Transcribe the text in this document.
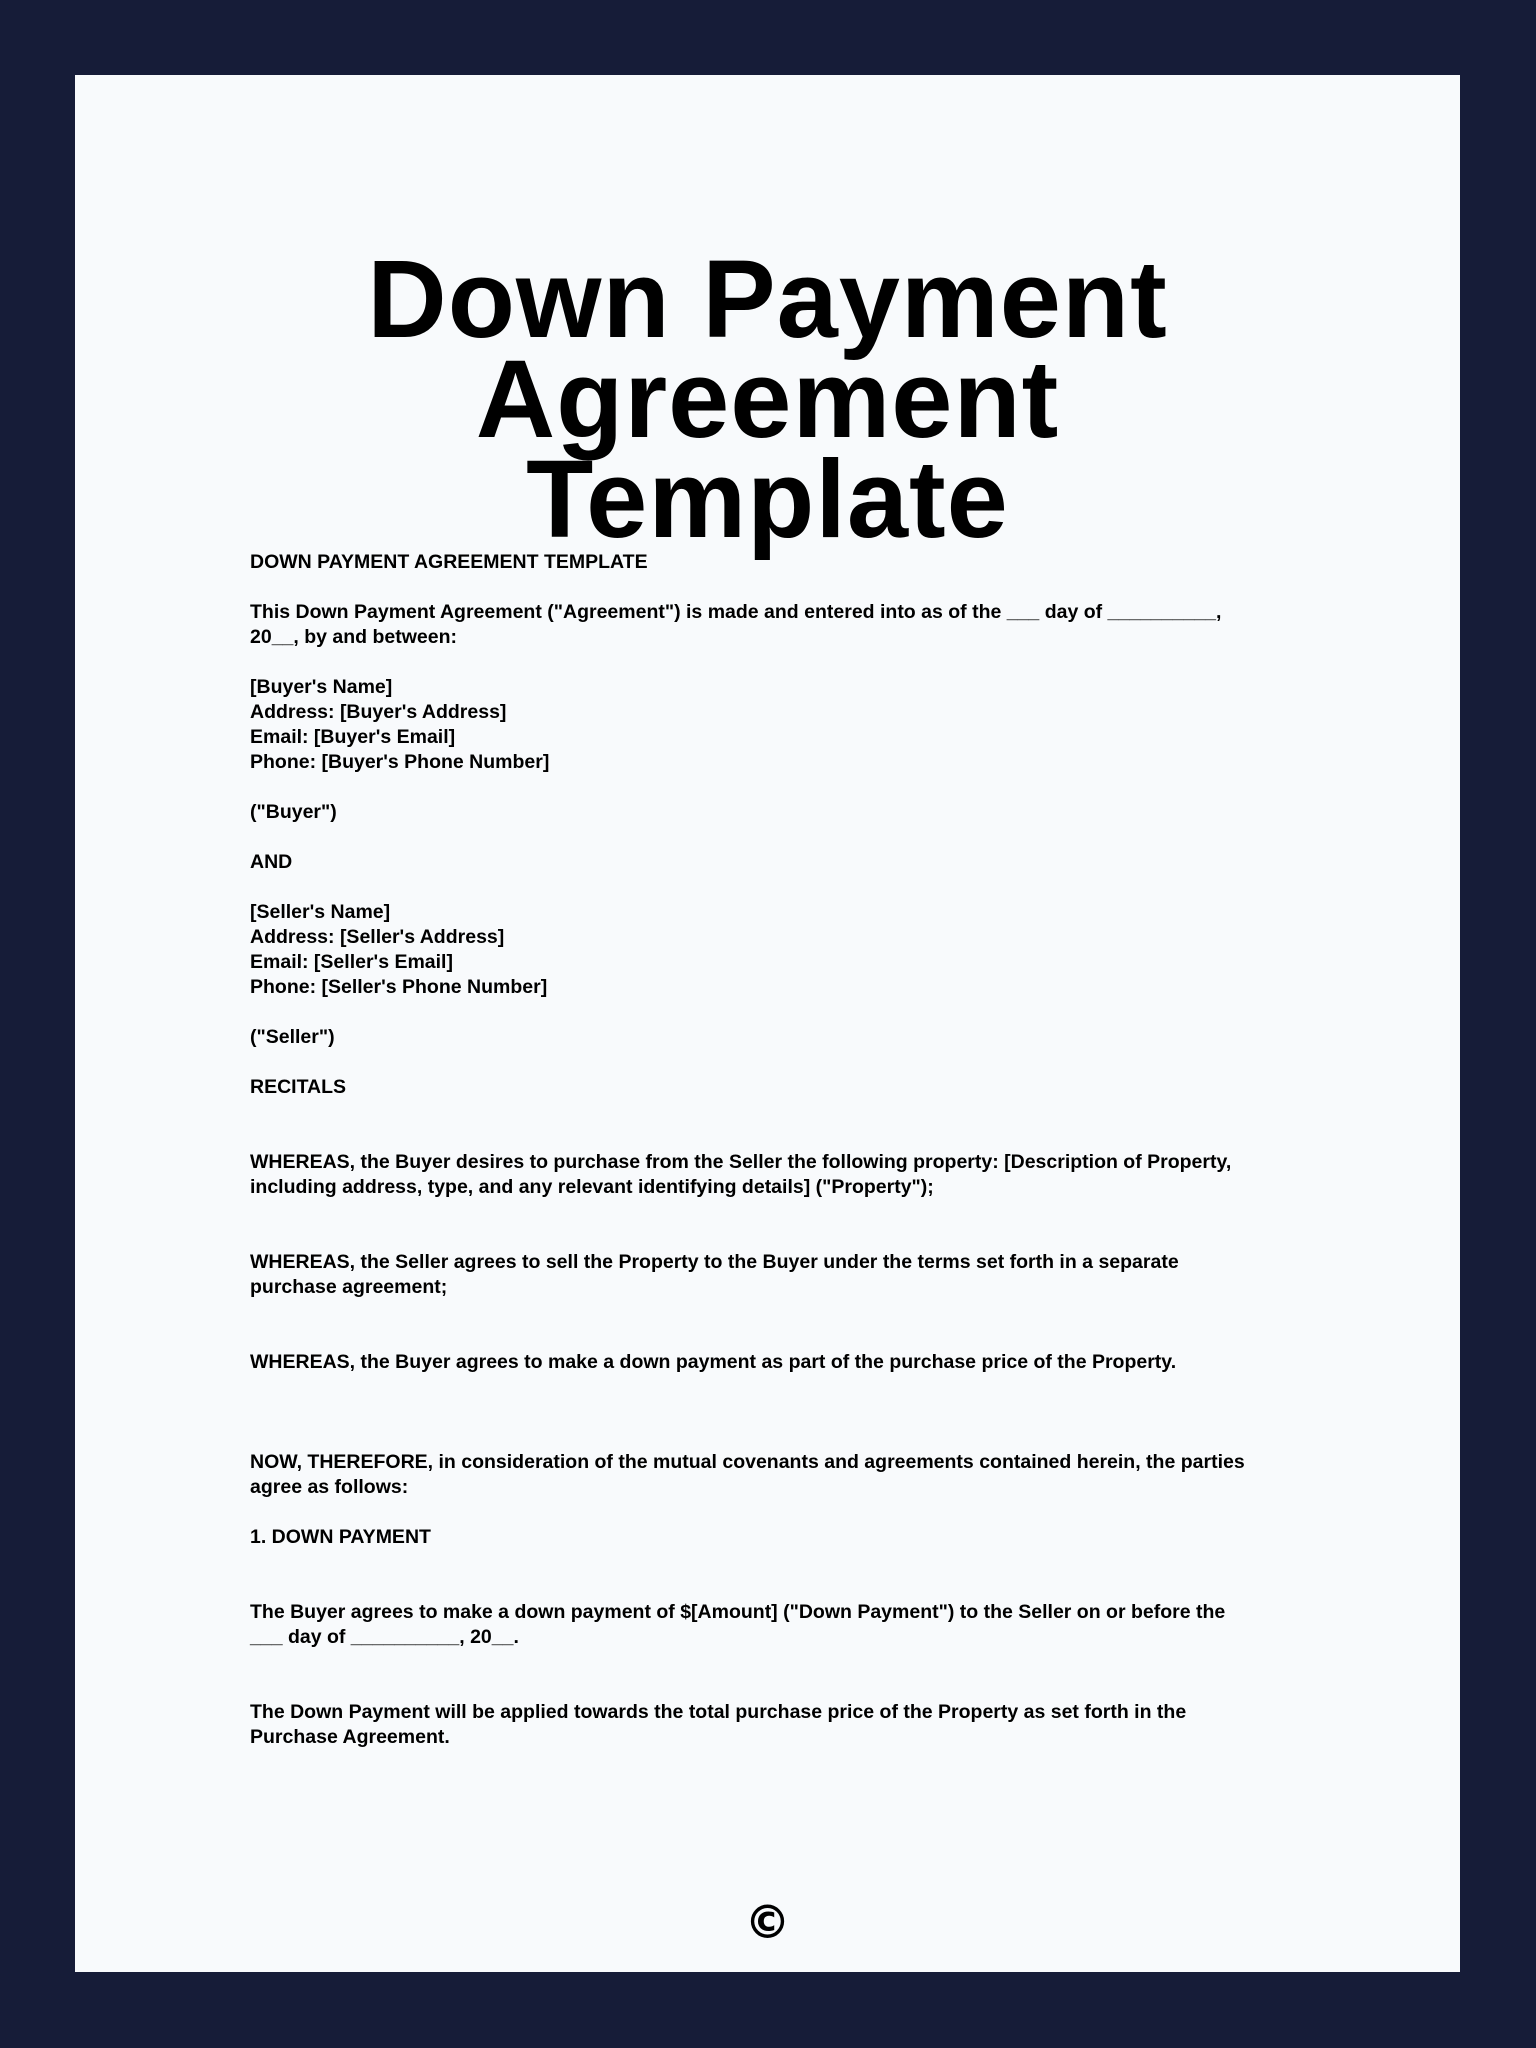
Down Payment Agreement
Template

DOWN PAYMENT AGREEMENT TEMPLATE

This Down Payment Agreement ("Agreement") is made and entered into as of the ___ day of __________,

20__, by and between:

[Buyer's Name]

Address: [Buyer's Address]

Email: [Buyer's Email]

Phone: [Buyer's Phone Number]

("Buyer")

AND

[Seller's Name]

Address: [Seller's Address]

Email: [Seller's Email]

Phone: [Seller's Phone Number]

("Seller")

RECITALS

WHEREAS, the Buyer desires to purchase from the Seller the following property: [Description of Property,

including address, type, and any relevant identifying details] ("Property");

WHEREAS, the Seller agrees to sell the Property to the Buyer under the terms set forth in a separate

purchase agreement;

WHEREAS, the Buyer agrees to make a down payment as part of the purchase price of the Property.

NOW, THEREFORE, in consideration of the mutual covenants and agreements contained herein, the parties

agree as follows:

1. DOWN PAYMENT

The Buyer agrees to make a down payment of $[Amount] ("Down Payment") to the Seller on or before the

___ day of __________, 20__.

The Down Payment will be applied towards the total purchase price of the Property as set forth in the

Purchase Agreement.

©
